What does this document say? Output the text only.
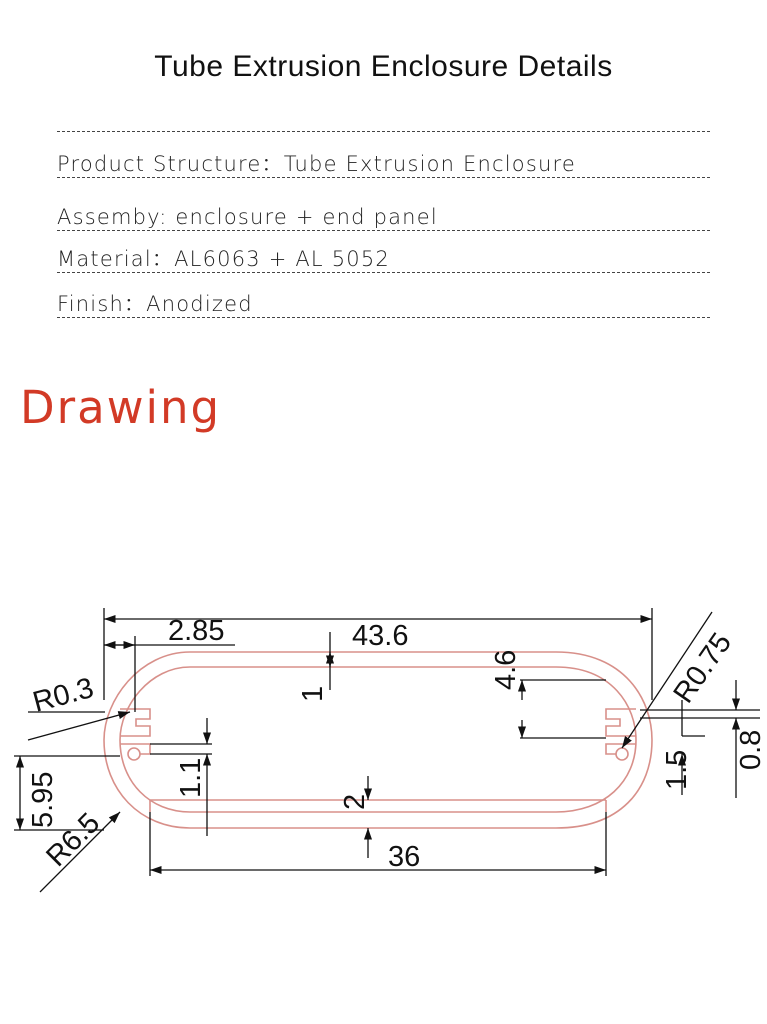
Tube Extrusion Enclosure Details
Product Structure：Tube Extrusion Enclosure
Assemby: enclosure + end panel
Material：AL6063 + AL 5052
Finish：Anodized
Drawing
43.6
2.85
R0.3	1
4.6	R0.75
0.8
1.5
5.95
R6.5
1.1
2
36
